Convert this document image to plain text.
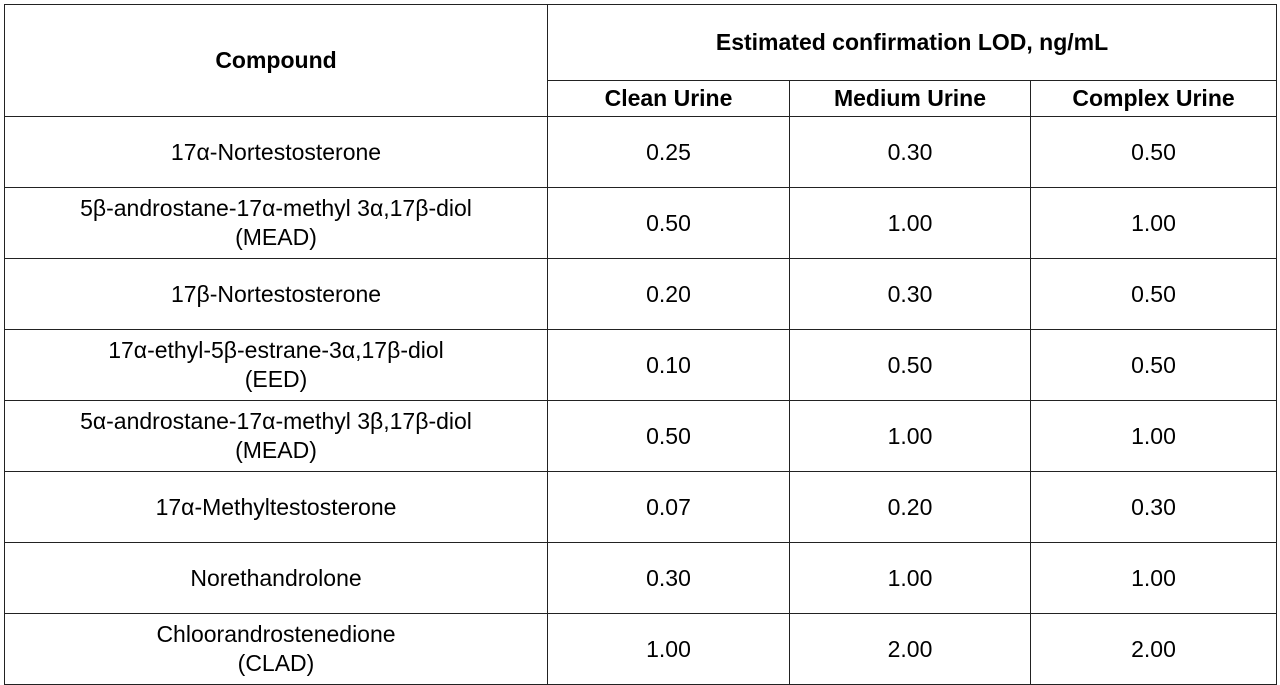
Compound	Estimated confirmation LOD, ng/mL		
	Clean Urine	Medium Urine	Complex Urine

17α-Nortestosterone	0.25	0.30	0.50

5β-androstane-17α-methyl 3α,17β-diol
(MEAD)	0.50	1.00	1.00

17β-Nortestosterone	0.20	0.30	0.50

17α-ethyl-5β-estrane-3α,17β-diol
(EED)	0.10	0.50	0.50

5α-androstane-17α-methyl 3β,17β-diol
(MEAD)	0.50	1.00	1.00

17α-Methyltestosterone	0.07	0.20	0.30

Norethandrolone	0.30	1.00	1.00

Chloorandrostenedione
(CLAD)	1.00	2.00	2.00
